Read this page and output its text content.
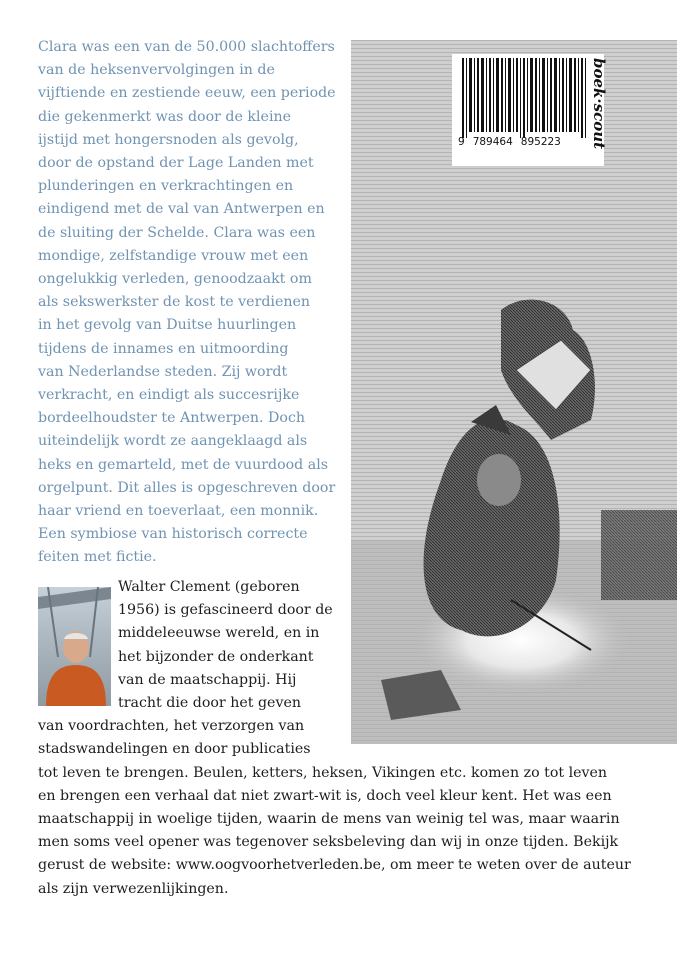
Clara was een van de 50.000 slachtoffers
van de heksenvervolgingen in de
vijftiende en zestiende eeuw, een periode
die gekenmerkt was door de kleine
ijstijd met hongersnoden als gevolg,
door de opstand der Lage Landen met
plunderingen en verkrachtingen en
eindigend met de val van Antwerpen en
de sluiting der Schelde. Clara was een
mondige, zelfstandige vrouw met een
ongelukkig verleden, genoodzaakt om
als sekswerkster de kost te verdienen
in het gevolg van Duitse huurlingen
tijdens de innames en uitmoording
van Nederlandse steden. Zij wordt
verkracht, en eindigt als succesrijke
bordeelhoudster te Antwerpen. Doch
uiteindelijk wordt ze aangeklaagd als
heks en gemarteld, met de vuurdood als
orgelpunt. Dit alles is opgeschreven door
haar vriend en toeverlaat, een monnik.
Een symbiose van historisch correcte
feiten met fictie.
9 789464 895223 boek·scout
Walter Clement (geboren
1956) is gefascineerd door de
middeleeuwse wereld, en in
het bijzonder de onderkant
van de maatschappij. Hij
tracht die door het geven
van voordrachten, het verzorgen van
stadswandelingen en door publicaties
tot leven te brengen. Beulen, ketters, heksen, Vikingen etc. komen zo tot leven
en brengen een verhaal dat niet zwart-wit is, doch veel kleur kent. Het was een
maatschappij in woelige tijden, waarin de mens van weinig tel was, maar waarin
men soms veel opener was tegenover seksbeleving dan wij in onze tijden. Bekijk
gerust de website: www.oogvoorhetverleden.be, om meer te weten over de auteur
als zijn verwezenlijkingen.
